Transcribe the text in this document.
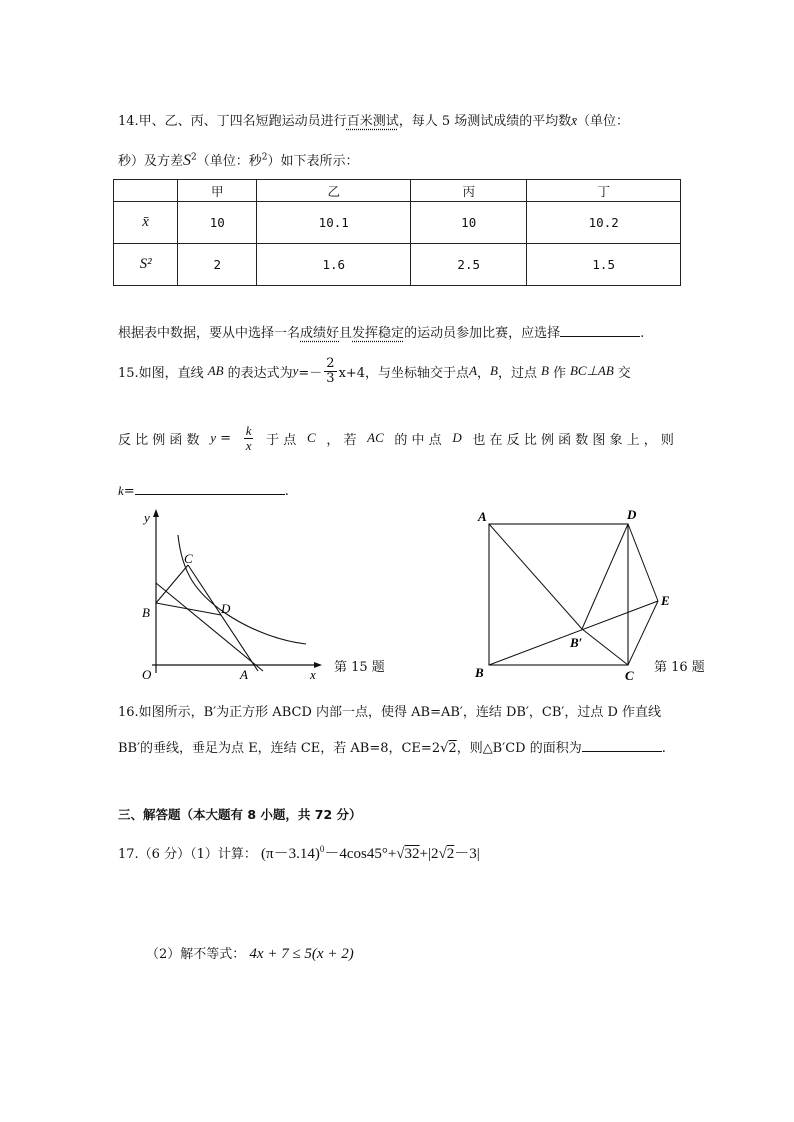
14.甲、乙、丙、丁四名短跑运动员进行百米测试，每人 5 场测试成绩的平均数x̄（单位：
秒）及方差$S^2$（单位：秒$^2$）如下表所示：
	甲	乙	丙	丁
x̄	10	10.1	10	10.2
S²	2	1.6	2.5	1.5
根据表中数据，要从中选择一名成绩好且发挥稳定的运动员参加比赛，应选择	.
15.如图，直线 AB 的表达式为 $y =- \frac{2}{3} x+4$，与坐标轴交于点 A ， B ，过点 B 作 BC⊥AB 交
反 比 例 函 数 $y = \frac{k}{x}$ 于 点 C ， 若 AC 的 中 点 D 也 在 反 比 例 函 数 图 象 上 ， 则
k=	.
y
x
O	A
B
C
D
第 15 题
A	D
E
B′
B	C
第 16 题
16.如图所示，B′为正方形 ABCD 内部一点，使得 AB=AB′，连结 DB′，CB′，过点 D 作直线
BB′的垂线，垂足为点 E，连结 CE，若 AB=8，CE=2√2，则△B′CD 的面积为	.
三、解答题（本大题有 8 小题，共 72 分）
17.（6 分）（1）计算： $(\pi-3.14)^0-4\cos 45^\circ+√32+|2√2-3|$
（2）解不等式： 4x + 7 ≤ 5(x + 2)
